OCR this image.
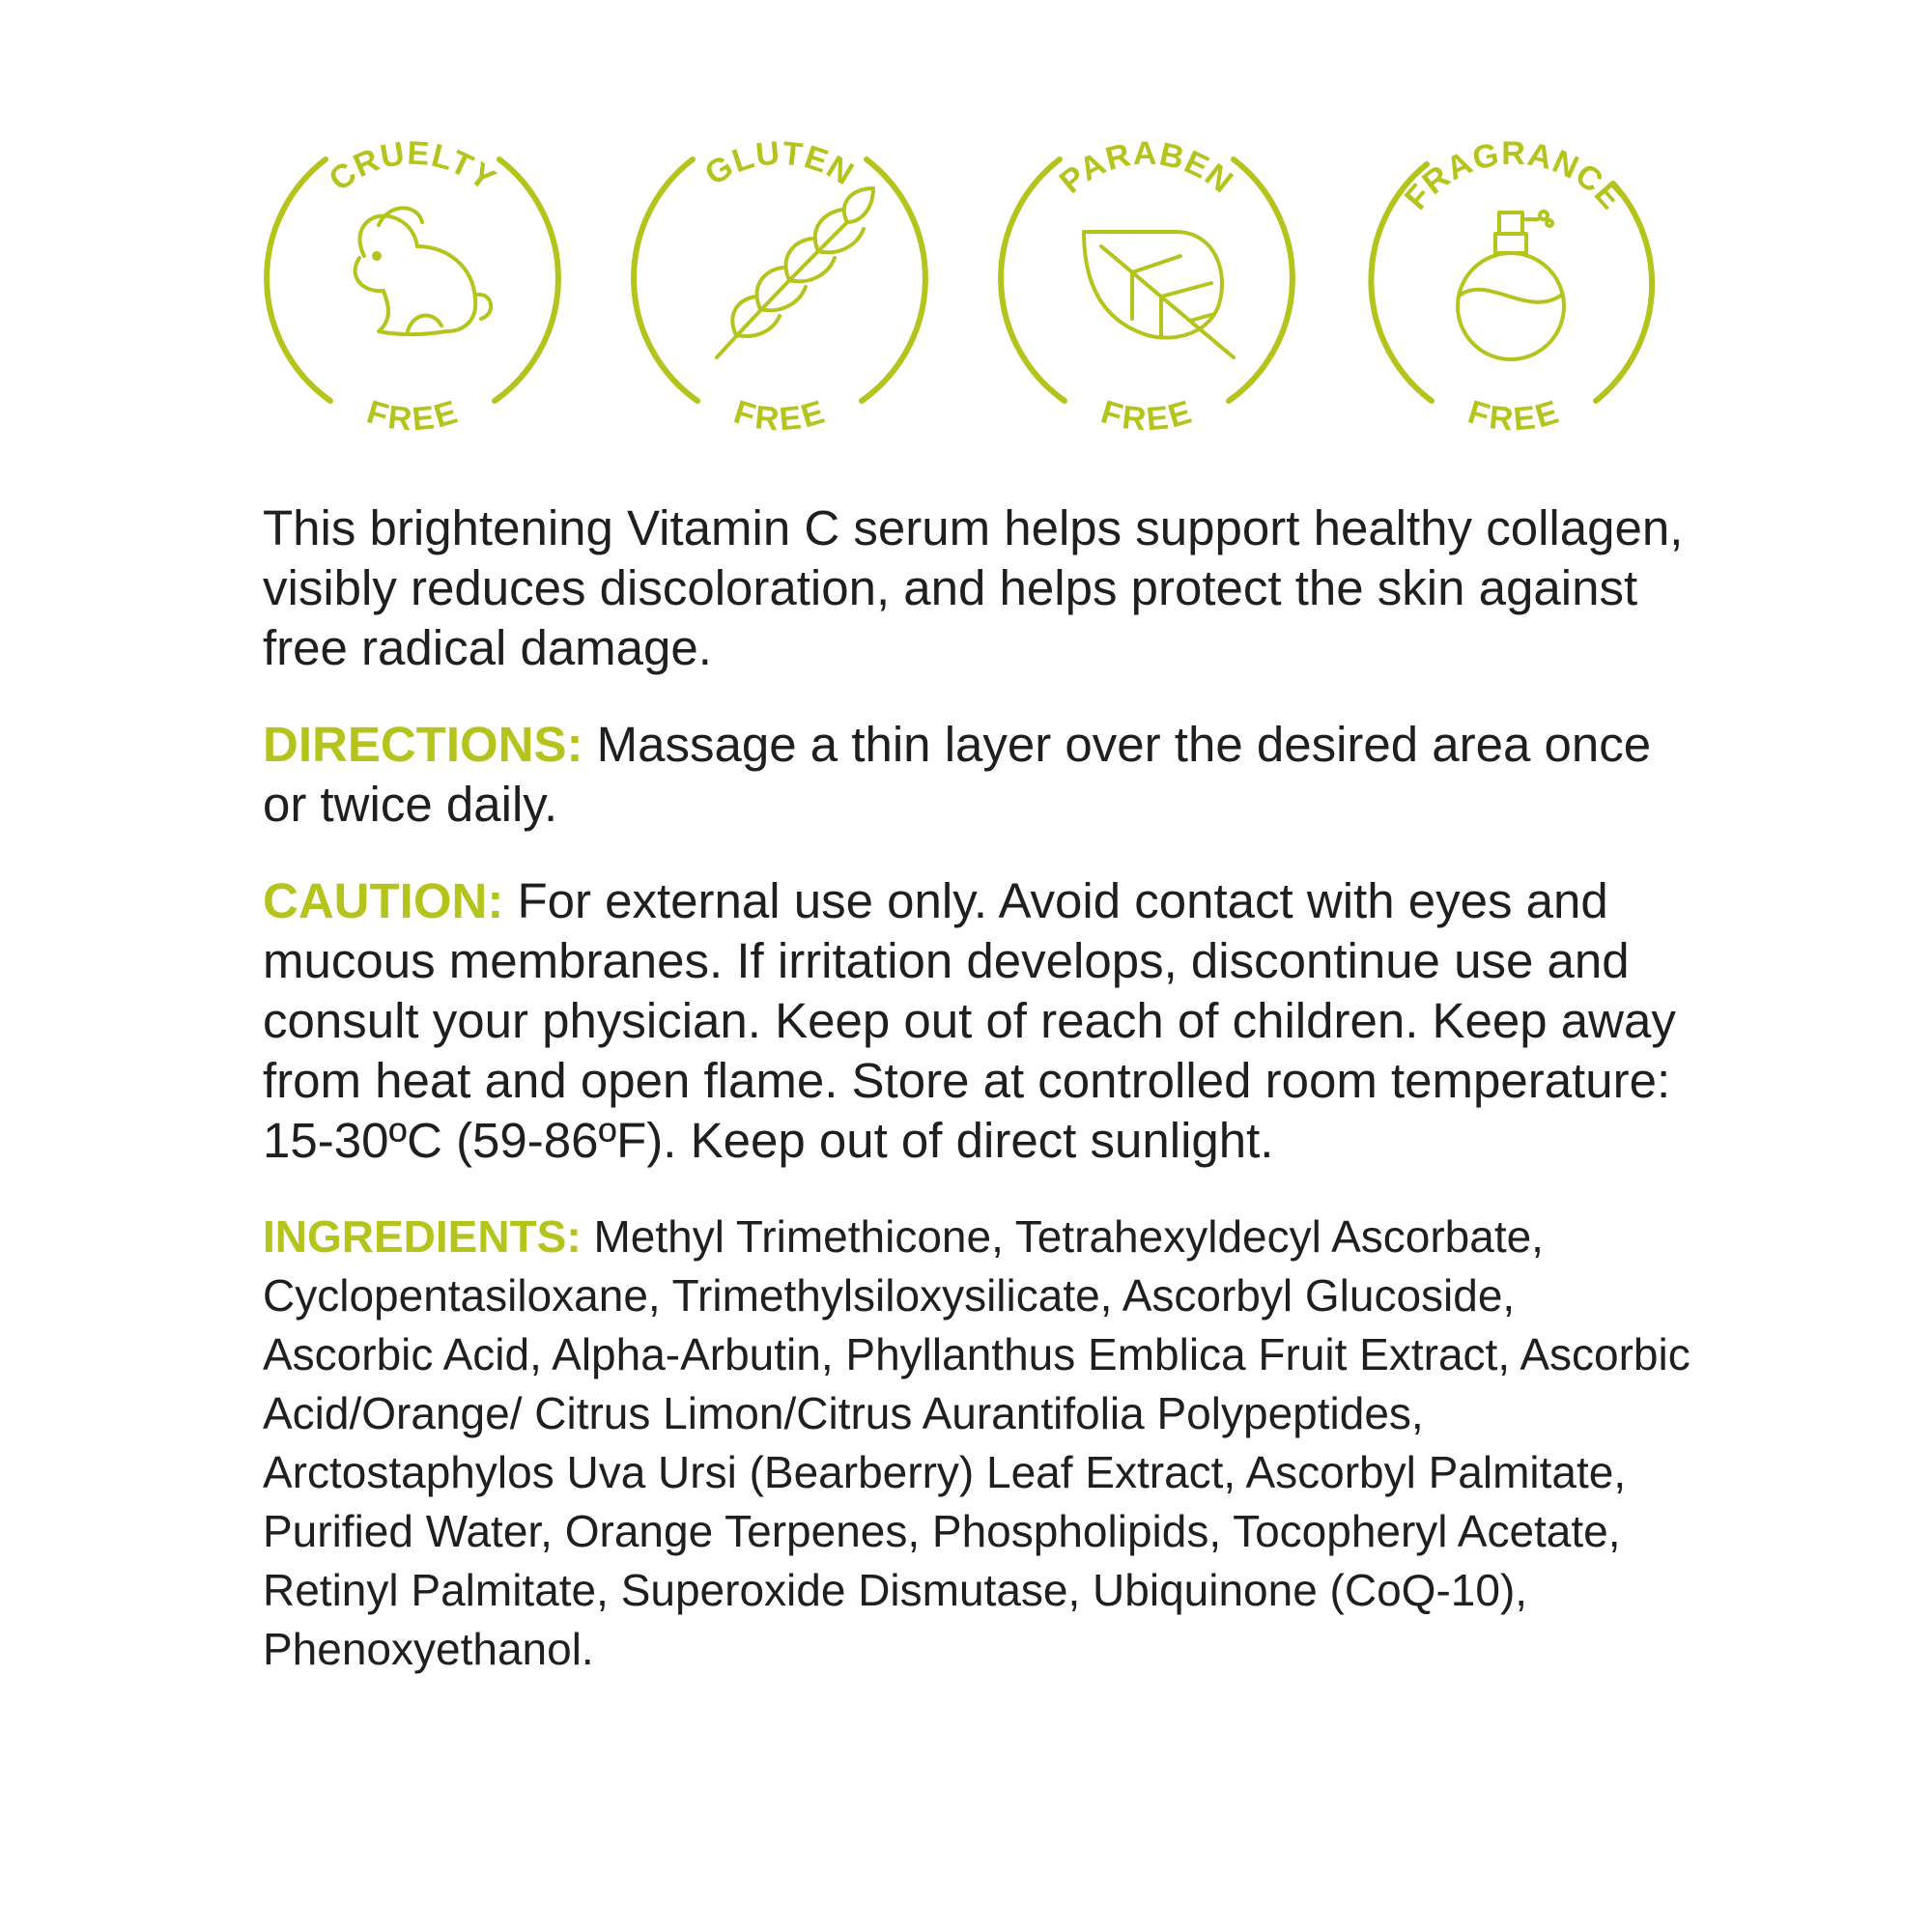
CRUELTY
FREE
GLUTEN
FREE
PARABEN
FREE
FRAGRANCE
FREE

This brightening Vitamin C serum helps support healthy collagen, visibly reduces discoloration, and helps protect the skin against free radical damage.

DIRECTIONS: Massage a thin layer over the desired area once or twice daily.

CAUTION: For external use only. Avoid contact with eyes and mucous membranes. If irritation develops, discontinue use and consult your physician. Keep out of reach of children. Keep away from heat and open flame. Store at controlled room temperature: 15-30ºC (59-86ºF). Keep out of direct sunlight.

INGREDIENTS: Methyl Trimethicone, Tetrahexyldecyl Ascorbate, Cyclopentasiloxane, Trimethylsiloxysilicate, Ascorbyl Glucoside, Ascorbic Acid, Alpha-Arbutin, Phyllanthus Emblica Fruit Extract, Ascorbic Acid/Orange/ Citrus Limon/Citrus Aurantifolia Polypeptides, Arctostaphylos Uva Ursi (Bearberry) Leaf Extract, Ascorbyl Palmitate, Purified Water, Orange Terpenes, Phospholipids, Tocopheryl Acetate, Retinyl Palmitate, Superoxide Dismutase, Ubiquinone (CoQ-10), Phenoxyethanol.
